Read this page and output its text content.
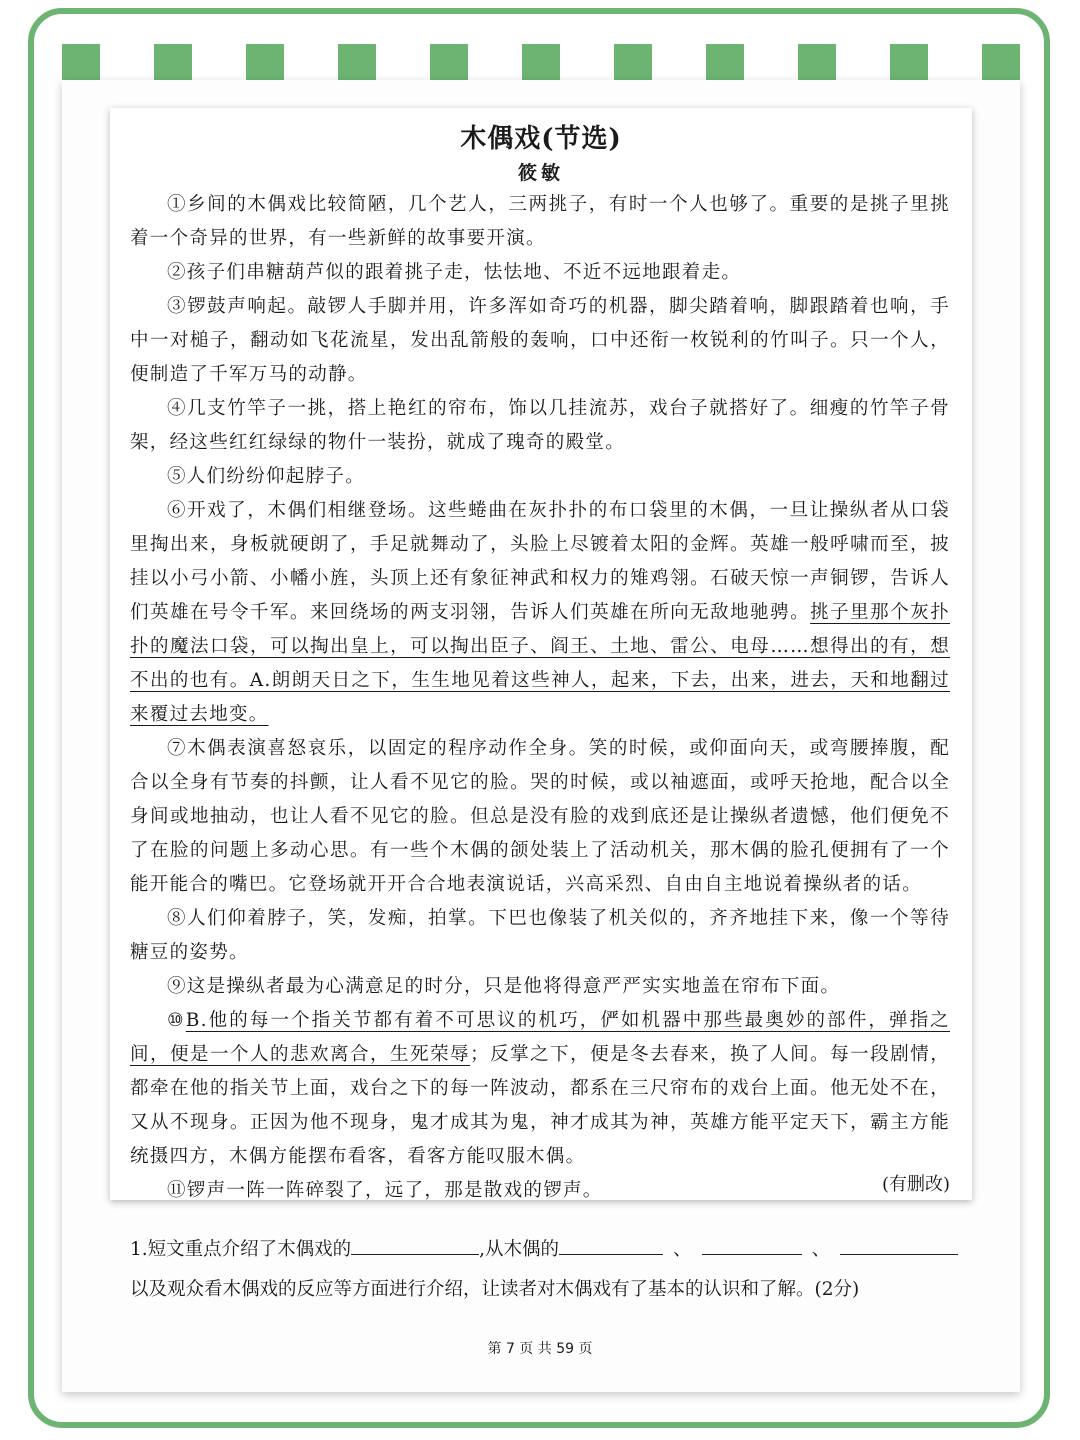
木偶戏(节选)
筱敏

①乡间的木偶戏比较简陋，几个艺人，三两挑子，有时一个人也够了。重要的是挑子里挑着一个奇异的世界，有一些新鲜的故事要开演。

②孩子们串糖葫芦似的跟着挑子走，怯怯地、不近不远地跟着走。

③锣鼓声响起。敲锣人手脚并用，许多浑如奇巧的机器，脚尖踏着响，脚跟踏着也响，手中一对槌子，翻动如飞花流星，发出乱箭般的轰响，口中还衔一枚锐利的竹叫子。只一个人，便制造了千军万马的动静。

④几支竹竿子一挑，搭上艳红的帘布，饰以几挂流苏，戏台子就搭好了。细瘦的竹竿子骨架，经这些红红绿绿的物什一装扮，就成了瑰奇的殿堂。

⑤人们纷纷仰起脖子。

⑥开戏了，木偶们相继登场。这些蜷曲在灰扑扑的布口袋里的木偶，一旦让操纵者从口袋里掏出来，身板就硬朗了，手足就舞动了，头脸上尽镀着太阳的金辉。英雄一般呼啸而至，披挂以小弓小箭、小幡小旌，头顶上还有象征神武和权力的雉鸡翎。石破天惊一声铜锣，告诉人们英雄在号令千军。来回绕场的两支羽翎，告诉人们英雄在所向无敌地驰骋。挑子里那个灰扑扑的魔法口袋，可以掏出皇上，可以掏出臣子、阎王、土地、雷公、电母……想得出的有，想不出的也有。A.朗朗天日之下，生生地见着这些神人，起来，下去，出来，进去，天和地翻过来覆过去地变。

⑦木偶表演喜怒哀乐，以固定的程序动作全身。笑的时候，或仰面向天，或弯腰捧腹，配合以全身有节奏的抖颤，让人看不见它的脸。哭的时候，或以袖遮面，或呼天抢地，配合以全身间或地抽动，也让人看不见它的脸。但总是没有脸的戏到底还是让操纵者遗憾，他们便免不了在脸的问题上多动心思。有一些个木偶的颌处装上了活动机关，那木偶的脸孔便拥有了一个能开能合的嘴巴。它登场就开开合合地表演说话，兴高采烈、自由自主地说着操纵者的话。

⑧人们仰着脖子，笑，发痴，拍掌。下巴也像装了机关似的，齐齐地挂下来，像一个等待糖豆的姿势。

⑨这是操纵者最为心满意足的时分，只是他将得意严严实实地盖在帘布下面。

⑩B.他的每一个指关节都有着不可思议的机巧，俨如机器中那些最奥妙的部件，弹指之间，便是一个人的悲欢离合，生死荣辱；反掌之下，便是冬去春来，换了人间。每一段剧情，都牵在他的指关节上面，戏台之下的每一阵波动，都系在三尺帘布的戏台上面。他无处不在，又从不现身。正因为他不现身，鬼才成其为鬼，神才成其为神，英雄方能平定天下，霸主方能统摄四方，木偶方能摆布看客，看客方能叹服木偶。

⑪锣声一阵一阵碎裂了，远了，那是散戏的锣声。	(有删改)
1.短文重点介绍了木偶戏的	,从木偶的	、	、
以及观众看木偶戏的反应等方面进行介绍，让读者对木偶戏有了基本的认识和了解。(2分)
第 7 页 共 59 页
